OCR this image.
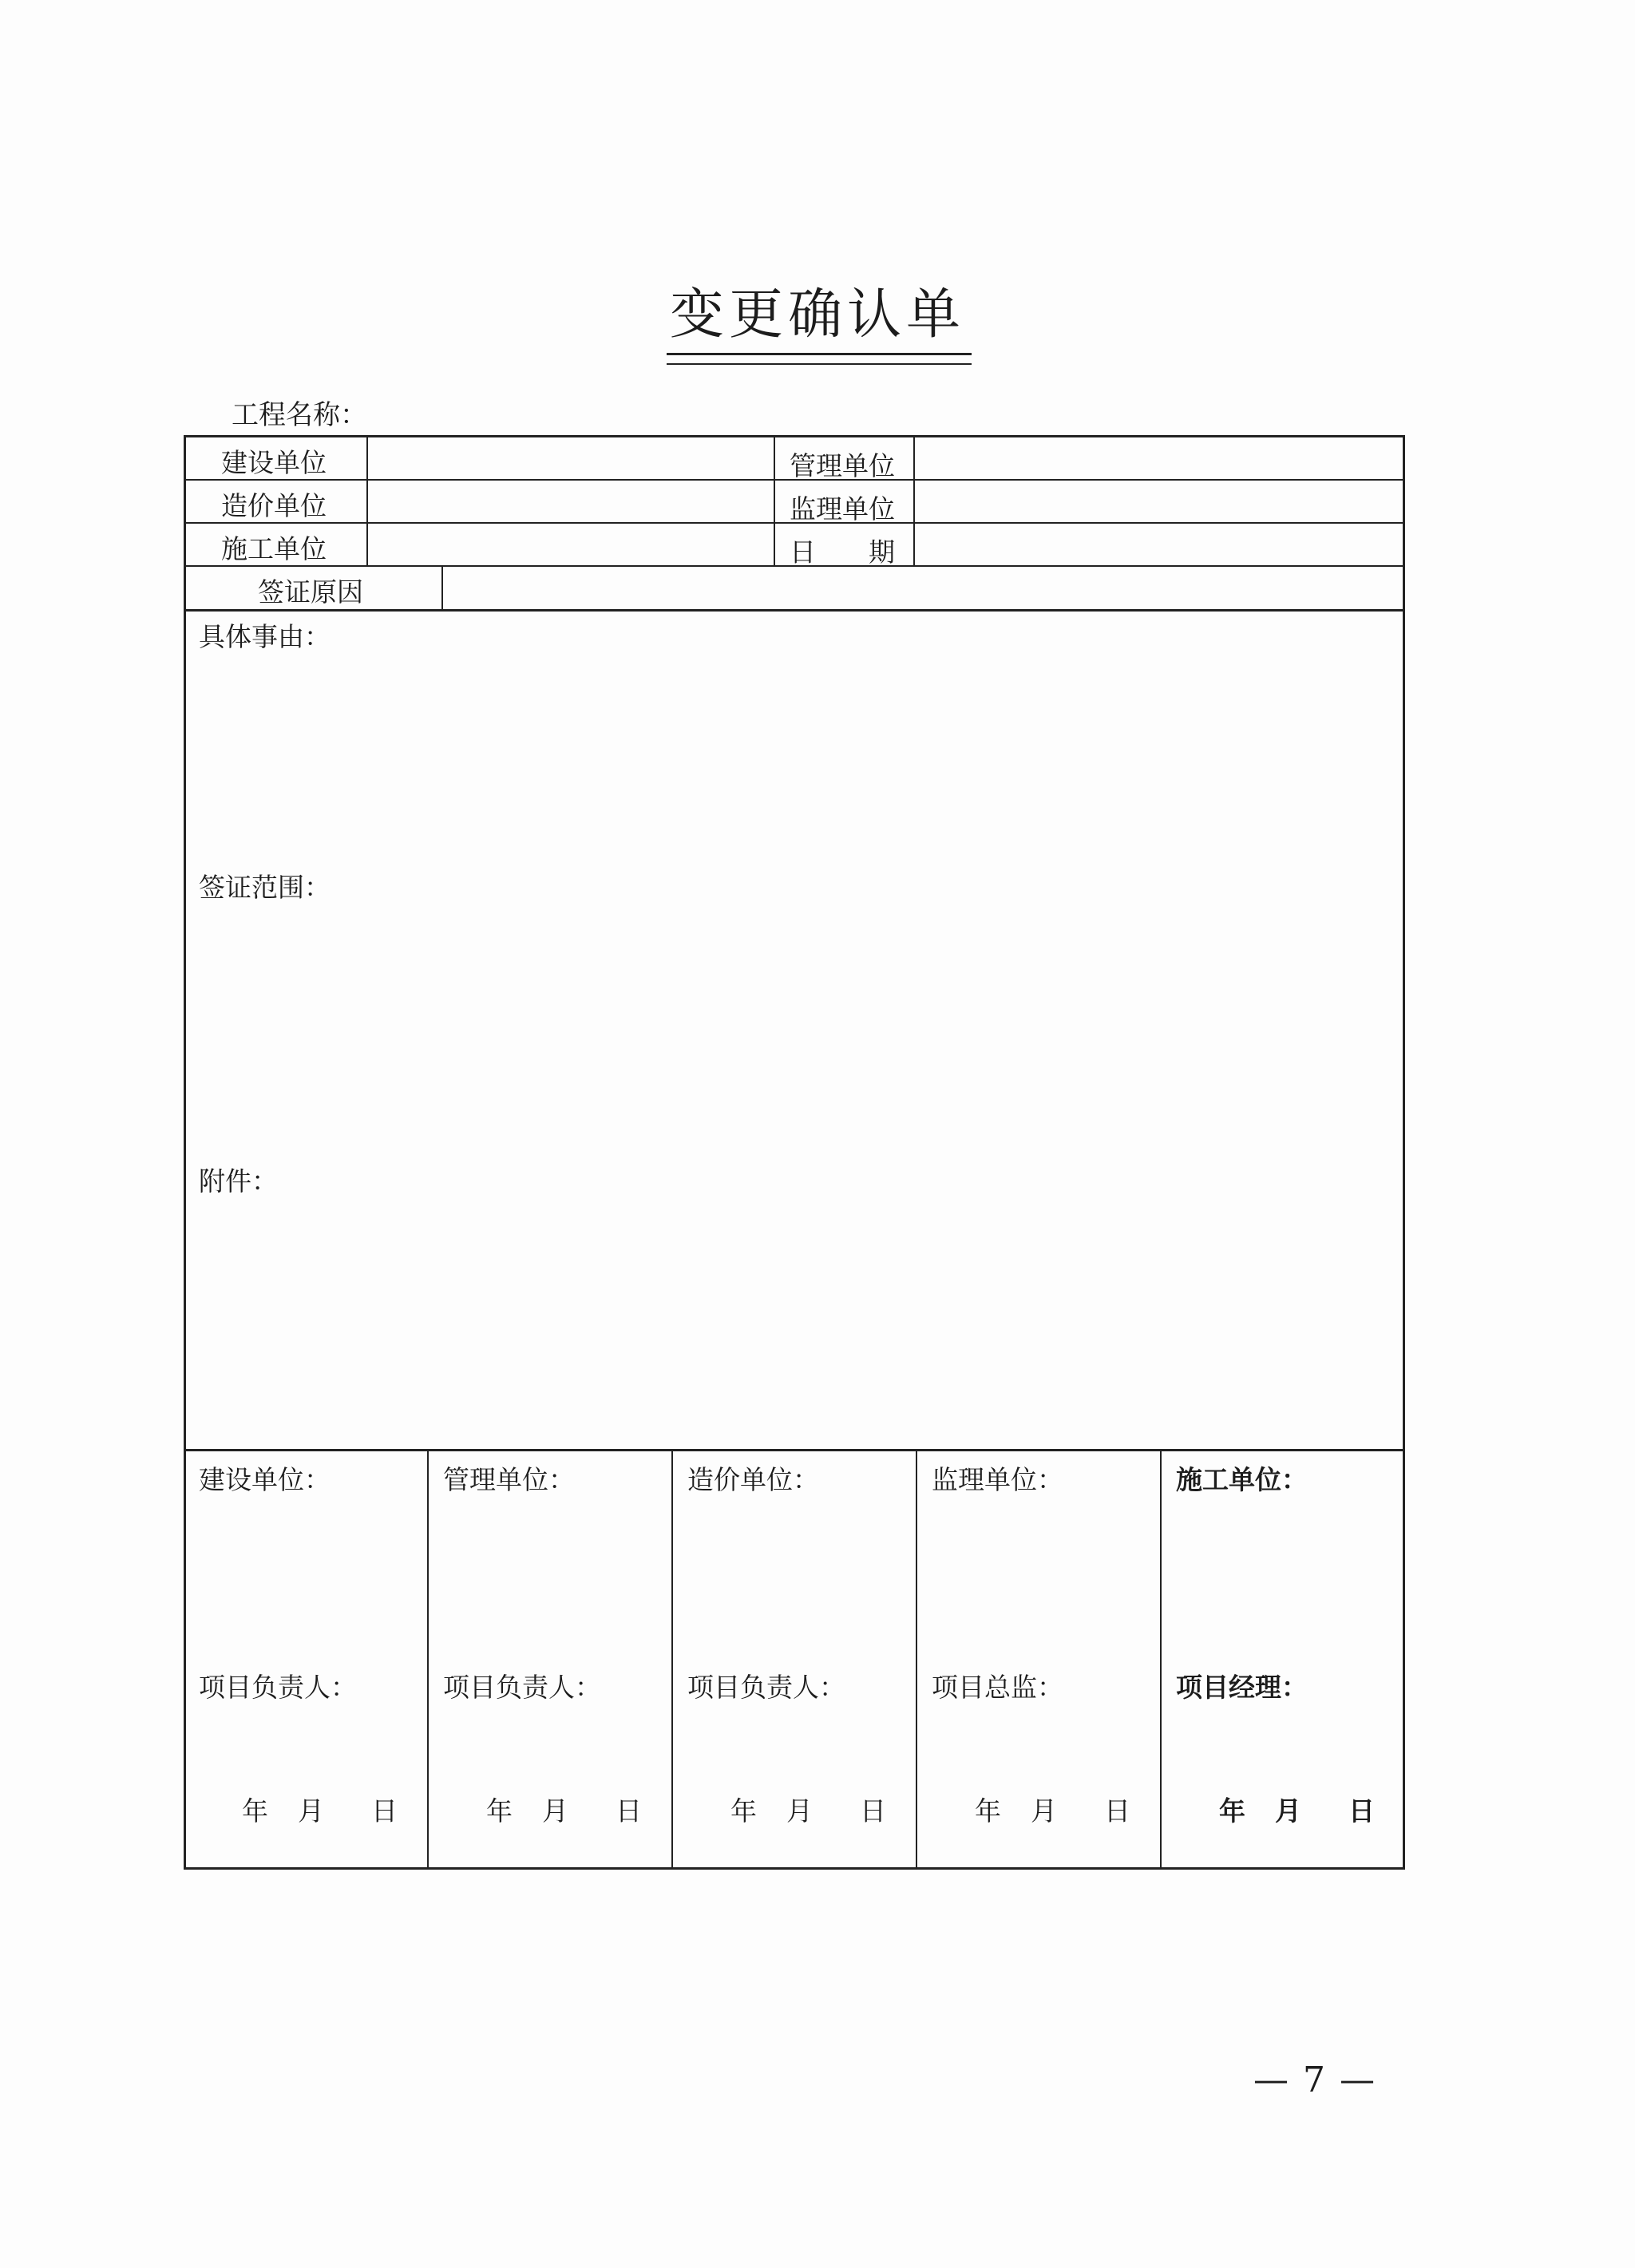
变更确认单
工程名称：
建设单位	管理单位
造价单位	监理单位
施工单位	日　　期
签证原因
具体事由：
签证范围：
附件：
建设单位：
项目负责人：
年 月 日
管理单位：
项目负责人：
年 月 日
造价单位：
项目负责人：
年 月 日
监理单位：
项目总监：
年 月 日
施工单位：
项目经理：
年 月 日
— 7 —
